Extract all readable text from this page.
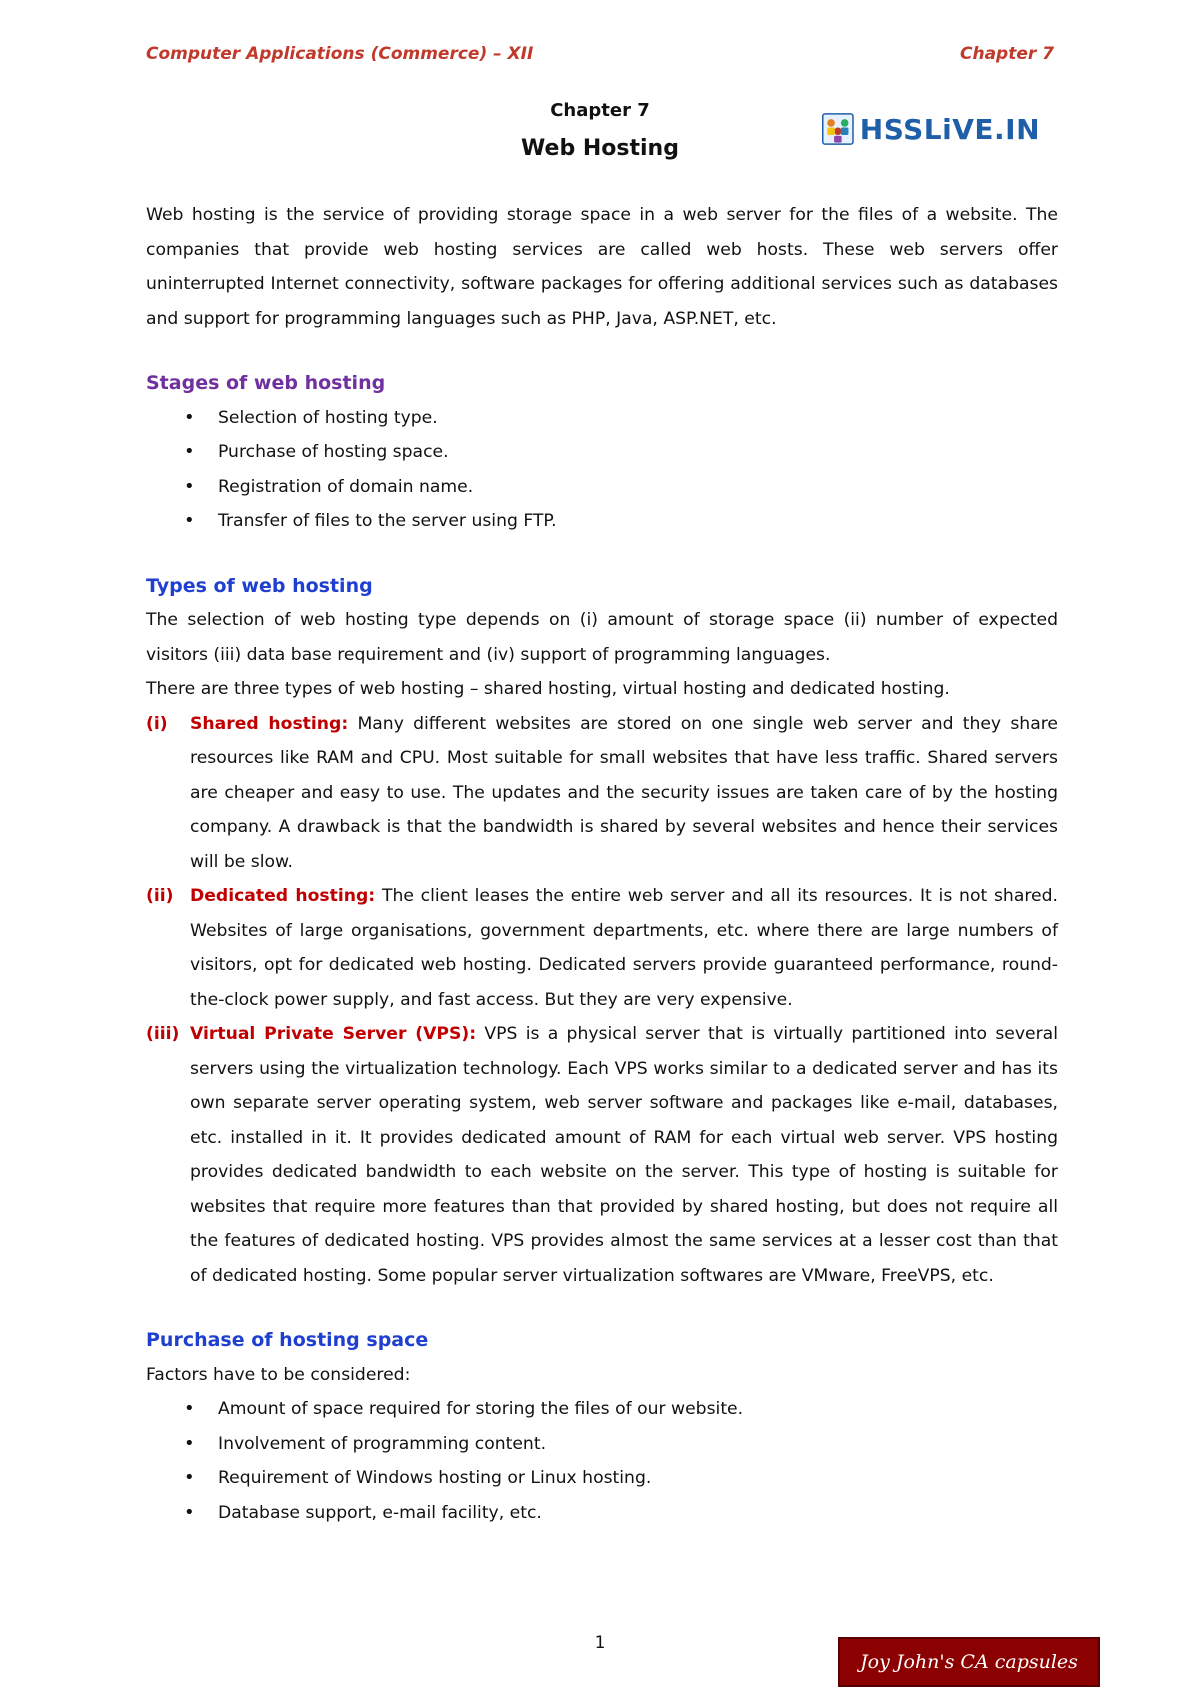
Computer Applications (Commerce) – XII	Chapter 7
Chapter 7
Web Hosting
HSSLiVE.IN

Web hosting is the service of providing storage space in a web server for the files of a website. The companies that provide web hosting services are called web hosts. These web servers offer uninterrupted Internet connectivity, software packages for offering additional services such as databases and support for programming languages such as PHP, Java, ASP.NET, etc.

Stages of web hosting
• Selection of hosting type.
• Purchase of hosting space.
• Registration of domain name.
• Transfer of files to the server using FTP.
Types of web hosting

The selection of web hosting type depends on (i) amount of storage space (ii) number of expected visitors (iii) data base requirement and (iv) support of programming languages.

There are three types of web hosting – shared hosting, virtual hosting and dedicated hosting.

(i) Shared hosting: Many different websites are stored on one single web server and they share resources like RAM and CPU. Most suitable for small websites that have less traffic. Shared servers are cheaper and easy to use. The updates and the security issues are taken care of by the hosting company. A drawback is that the bandwidth is shared by several websites and hence their services will be slow.
(ii) Dedicated hosting: The client leases the entire web server and all its resources. It is not shared. Websites of large organisations, government departments, etc. where there are large numbers of visitors, opt for dedicated web hosting. Dedicated servers provide guaranteed performance, round-the-clock power supply, and fast access. But they are very expensive.
(iii) Virtual Private Server (VPS): VPS is a physical server that is virtually partitioned into several servers using the virtualization technology. Each VPS works similar to a dedicated server and has its own separate server operating system, web server software and packages like e-mail, databases, etc. installed in it. It provides dedicated amount of RAM for each virtual web server. VPS hosting provides dedicated bandwidth to each website on the server. This type of hosting is suitable for websites that require more features than that provided by shared hosting, but does not require all the features of dedicated hosting. VPS provides almost the same services at a lesser cost than that of dedicated hosting. Some popular server virtualization softwares are VMware, FreeVPS, etc.
Purchase of hosting space

Factors have to be considered:

• Amount of space required for storing the files of our website.
• Involvement of programming content.
• Requirement of Windows hosting or Linux hosting.
• Database support, e-mail facility, etc.
1
Joy John's CA capsules
